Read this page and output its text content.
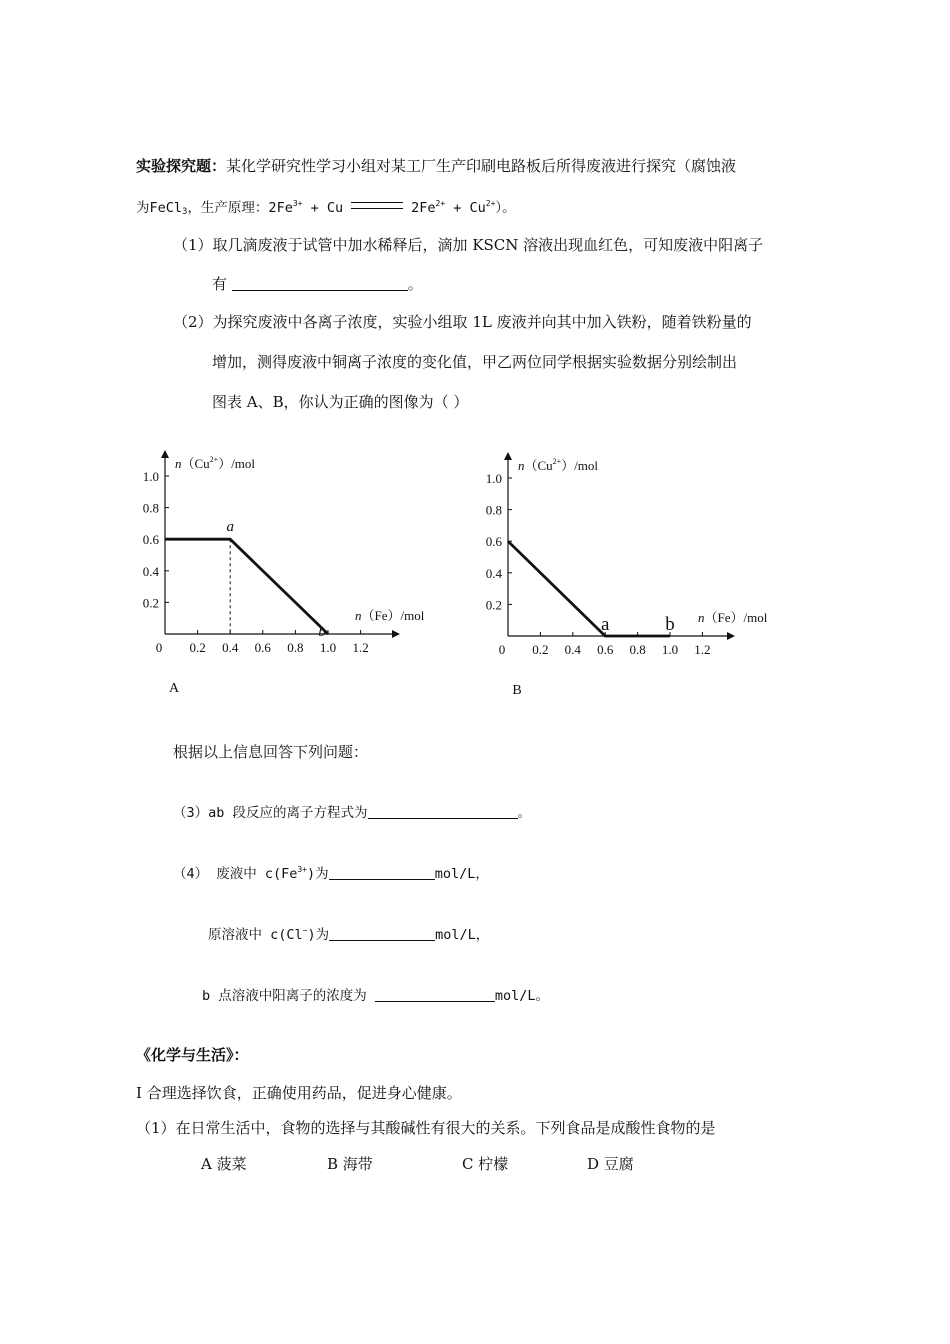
实验探究题：某化学研究性学习小组对某工厂生产印刷电路板后所得废液进行探究（腐蚀液
为FeCl$_3$，生产原理：$2Fe^{3+} + Cu$	$2Fe^{2+} + Cu^{2+}$）。
（1）取几滴废液于试管中加水稀释后，滴加 KSCN 溶液出现血红色，可知废液中阳离子
有	。
（2）为探究废液中各离子浓度，实验小组取 1L 废液并向其中加入铁粉，随着铁粉量的
增加，测得废液中铜离子浓度的变化值，甲乙两位同学根据实验数据分别绘制出
图表 A、B，你认为正确的图像为（ ）
0 0.2 0.4 0.6 0.8 1.0 1.2
0.2
0.4
0.6
0.8
1.0
$n(Cu^{2+})$/mol
n（Fe）/mol
a
b
A
0 0.2 0.4 0.6 0.8 1.0 1.2
0.2
0.4
0.6
0.8
1.0
$n(Cu^{2+})$/mol
n（Fe）/mol
a	b
B
根据以上信息回答下列问题：
（3）ab 段反应的离子方程式为	。
（4） 废液中 $c(Fe^{3+})$为	mol/L，
原溶液中 c(Cl−)为	mol/L，
b 点溶液中阳离子的浓度为	mol/L。
《化学与生活》：
Ⅰ 合理选择饮食，正确使用药品，促进身心健康。
（1）在日常生活中，食物的选择与其酸碱性有很大的关系。下列食品是成酸性食物的是
A 菠菜	B 海带	C 柠檬	D 豆腐
